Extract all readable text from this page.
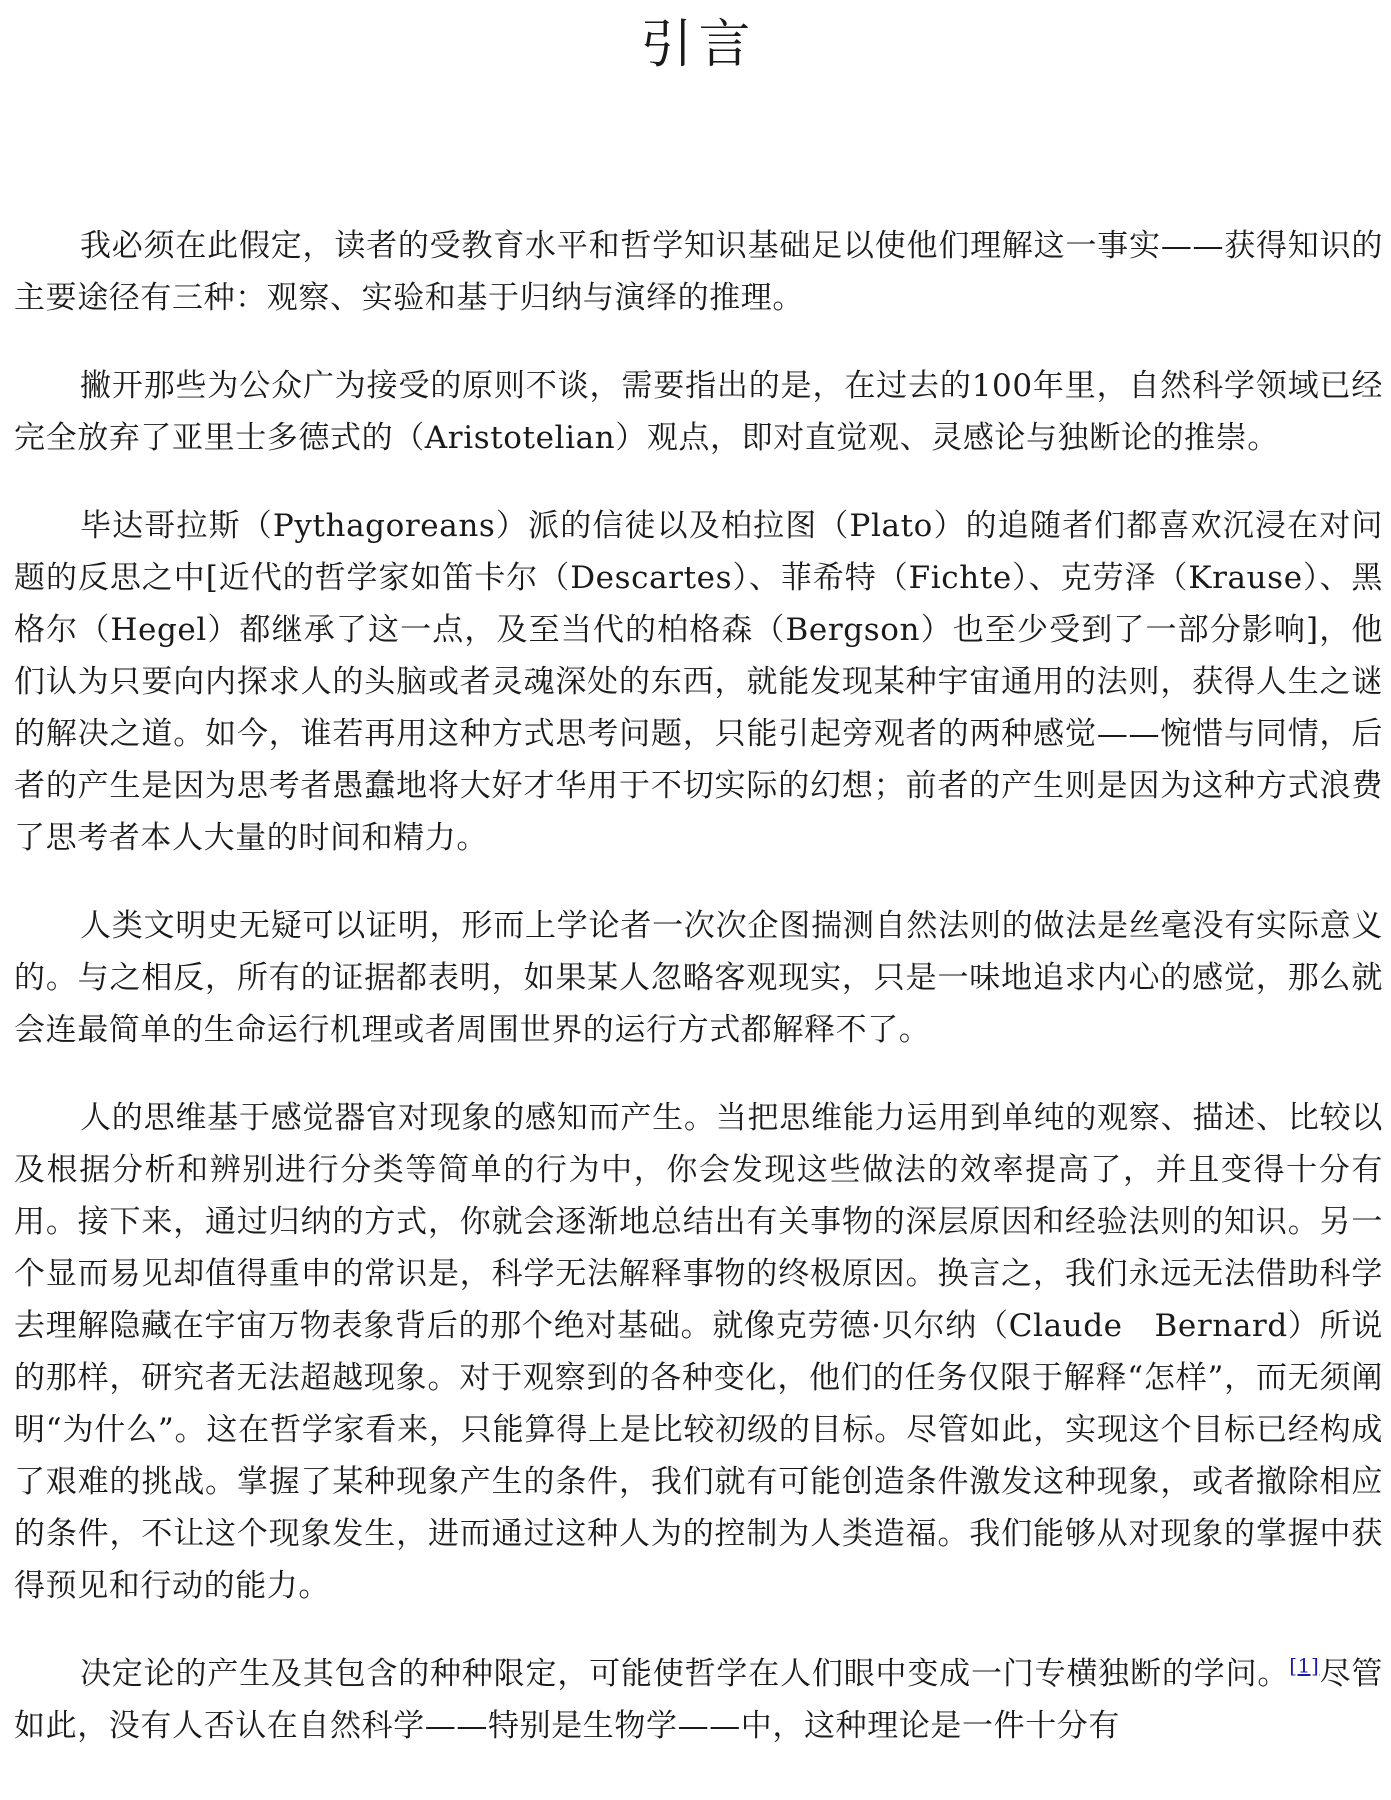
引言

我必须在此假定，读者的受教育水平和哲学知识基础足以使他们理解这一事实——获得知识的主要途径有三种：观察、实验和基于归纳与演绎的推理。

撇开那些为公众广为接受的原则不谈，需要指出的是，在过去的100年里，自然科学领域已经完全放弃了亚里士多德式的（Aristotelian）观点，即对直觉观、灵感论与独断论的推崇。

毕达哥拉斯（Pythagoreans）派的信徒以及柏拉图（Plato）的追随者们都喜欢沉浸在对问题的反思之中[近代的哲学家如笛卡尔（Descartes）、菲希特（Fichte）、克劳泽（Krause）、黑格尔（Hegel）都继承了这一点，及至当代的柏格森（Bergson）也至少受到了一部分影响]，他们认为只要向内探求人的头脑或者灵魂深处的东西，就能发现某种宇宙通用的法则，获得人生之谜的解决之道。如今，谁若再用这种方式思考问题，只能引起旁观者的两种感觉——惋惜与同情，后者的产生是因为思考者愚蠢地将大好才华用于不切实际的幻想；前者的产生则是因为这种方式浪费了思考者本人大量的时间和精力。

人类文明史无疑可以证明，形而上学论者一次次企图揣测自然法则的做法是丝毫没有实际意义的。与之相反，所有的证据都表明，如果某人忽略客观现实，只是一味地追求内心的感觉，那么就会连最简单的生命运行机理或者周围世界的运行方式都解释不了。

人的思维基于感觉器官对现象的感知而产生。当把思维能力运用到单纯的观察、描述、比较以及根据分析和辨别进行分类等简单的行为中，你会发现这些做法的效率提高了，并且变得十分有用。接下来，通过归纳的方式，你就会逐渐地总结出有关事物的深层原因和经验法则的知识。另一个显而易见却值得重申的常识是，科学无法解释事物的终极原因。换言之，我们永远无法借助科学去理解隐藏在宇宙万物表象背后的那个绝对基础。就像克劳德·贝尔纳（Claude　Bernard）所说的那样，研究者无法超越现象。对于观察到的各种变化，他们的任务仅限于解释“怎样”，而无须阐明“为什么”。这在哲学家看来，只能算得上是比较初级的目标。尽管如此，实现这个目标已经构成了艰难的挑战。掌握了某种现象产生的条件，我们就有可能创造条件激发这种现象，或者撤除相应的条件，不让这个现象发生，进而通过这种人为的控制为人类造福。我们能够从对现象的掌握中获得预见和行动的能力。

决定论的产生及其包含的种种限定，可能使哲学在人们眼中变成一门专横独断的学问。[1]尽管如此，没有人否认在自然科学——特别是生物学——中，这种理论是一件十分有
